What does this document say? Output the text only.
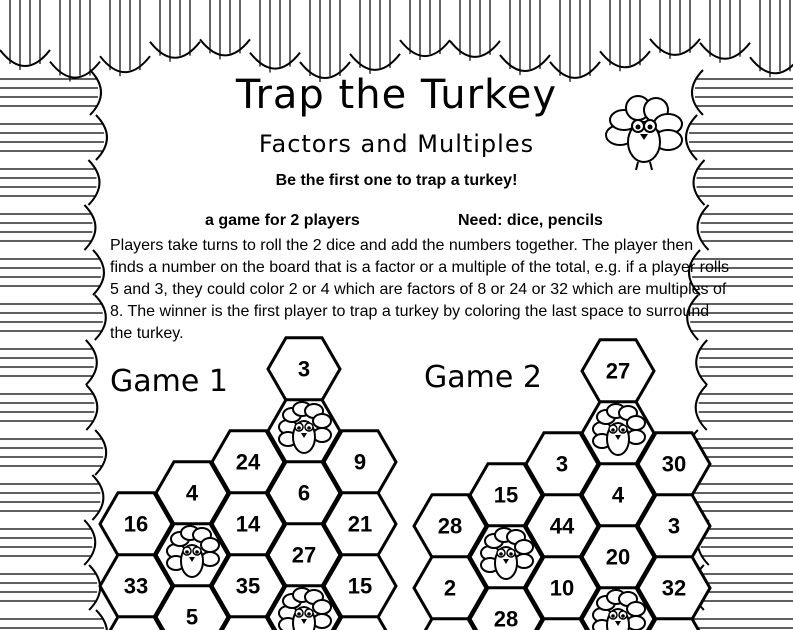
Trap the Turkey
Factors and Multiples
Be the first one to trap a turkey!
a game for 2 players	Need: dice, pencils
Players take turns to roll the 2 dice and add the numbers together. The player then finds a number on the board that is a factor or a multiple of the total, e.g. if a player rolls 5 and 3, they could color 2 or 4 which are factors of 8 or 24 or 32 which are multiples of 8. The winner is the first player to trap a turkey by coloring the last space to surround the turkey.
Game 1	Game 2
3
24	9
4
14
6
21
16
33	35
27
15
5
27
3	30
15
44
4
3
28
2	10
20
32
28
